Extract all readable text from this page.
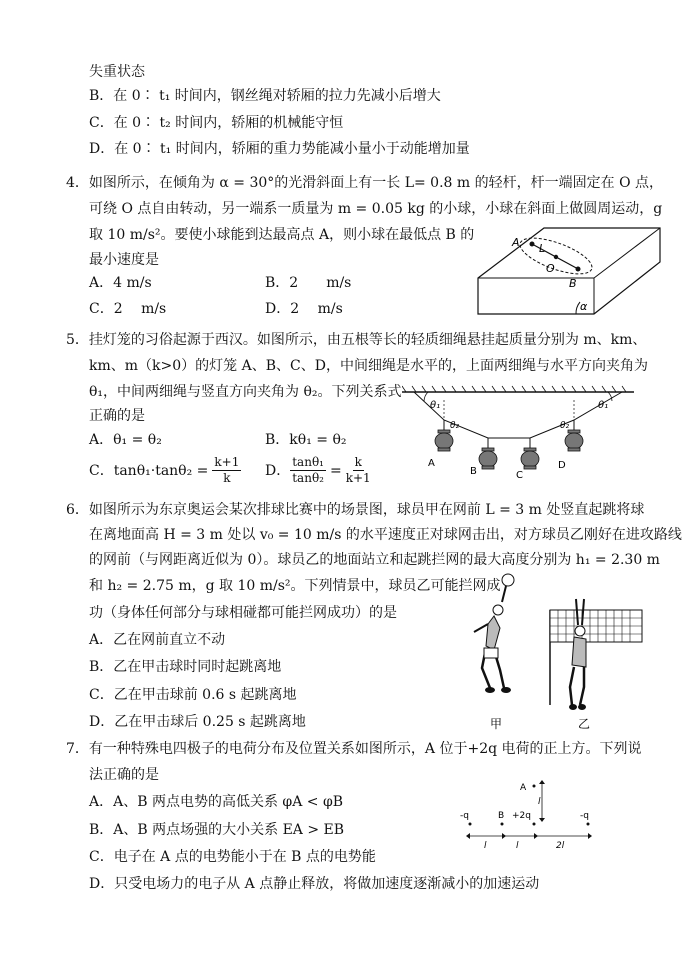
失重状态
B．在 0∶ t₁ 时间内，钢丝绳对轿厢的拉力先减小后增大
C．在 0∶ t₂ 时间内，轿厢的机械能守恒
D．在 0∶ t₁ 时间内，轿厢的重力势能减小量小于动能增加量
4．如图所示，在倾角为 α = 30°的光滑斜面上有一长 L= 0.8 m 的轻杆，杆一端固定在 O 点，
可绕 O 点自由转动，另一端系一质量为 m = 0.05 kg 的小球，小球在斜面上做圆周运动，g
取 10 m/s²。要使小球能到达最高点 A，则小球在最低点 B 的
最小速度是
A．4 m/s	B．2　　m/s
C．2　 m/s	D．2　 m/s
A L
O
B
α
5．挂灯笼的习俗起源于西汉。如图所示，由五根等长的轻质细绳悬挂起质量分别为 m、km、
km、m（k>0）的灯笼 A、B、C、D，中间细绳是水平的，上面两细绳与水平方向夹角为
θ₁，中间两细绳与竖直方向夹角为 θ₂。下列关系式
正确的是
A．θ₁ = θ₂	B．kθ₁ = θ₂
C．$\tan\theta_1\cdot\tan\theta_2 = \frac{k+1}{k}$ D． $\frac{\text{tanθ₁}}{\text{tanθ₂}} = \frac{k}{k+1}$
θ₁	θ₁
θ₂	θ₂
A
B	C
D
6．如图所示为东京奥运会某次排球比赛中的场景图，球员甲在网前 L = 3 m 处竖直起跳将球
在离地面高 H = 3 m 处以 v₀ = 10 m/s 的水平速度正对球网击出，对方球员乙刚好在进攻路线
的网前（与网距离近似为 0）。球员乙的地面站立和起跳拦网的最大高度分别为 h₁ = 2.30 m
和 h₂ = 2.75 m，g 取 10 m/s²。下列情景中，球员乙可能拦网成
功（身体任何部分与球相碰都可能拦网成功）的是
A．乙在网前直立不动
B．乙在甲击球时同时起跳离地
C．乙在甲击球前 0.6 s 起跳离地
D．乙在甲击球后 0.25 s 起跳离地	甲	乙
7．有一种特殊电四极子的电荷分布及位置关系如图所示，A 位于+2q 电荷的正上方。下列说
法正确的是
A．A、B 两点电势的高低关系 φA < φB
B．A、B 两点场强的大小关系 EA > EB
C．电子在 A 点的电势能小于在 B 点的电势能
D．只受电场力的电子从 A 点静止释放，将做加速度逐渐减小的加速运动
A
l
-q	B +2q	-q
l	l	2l
